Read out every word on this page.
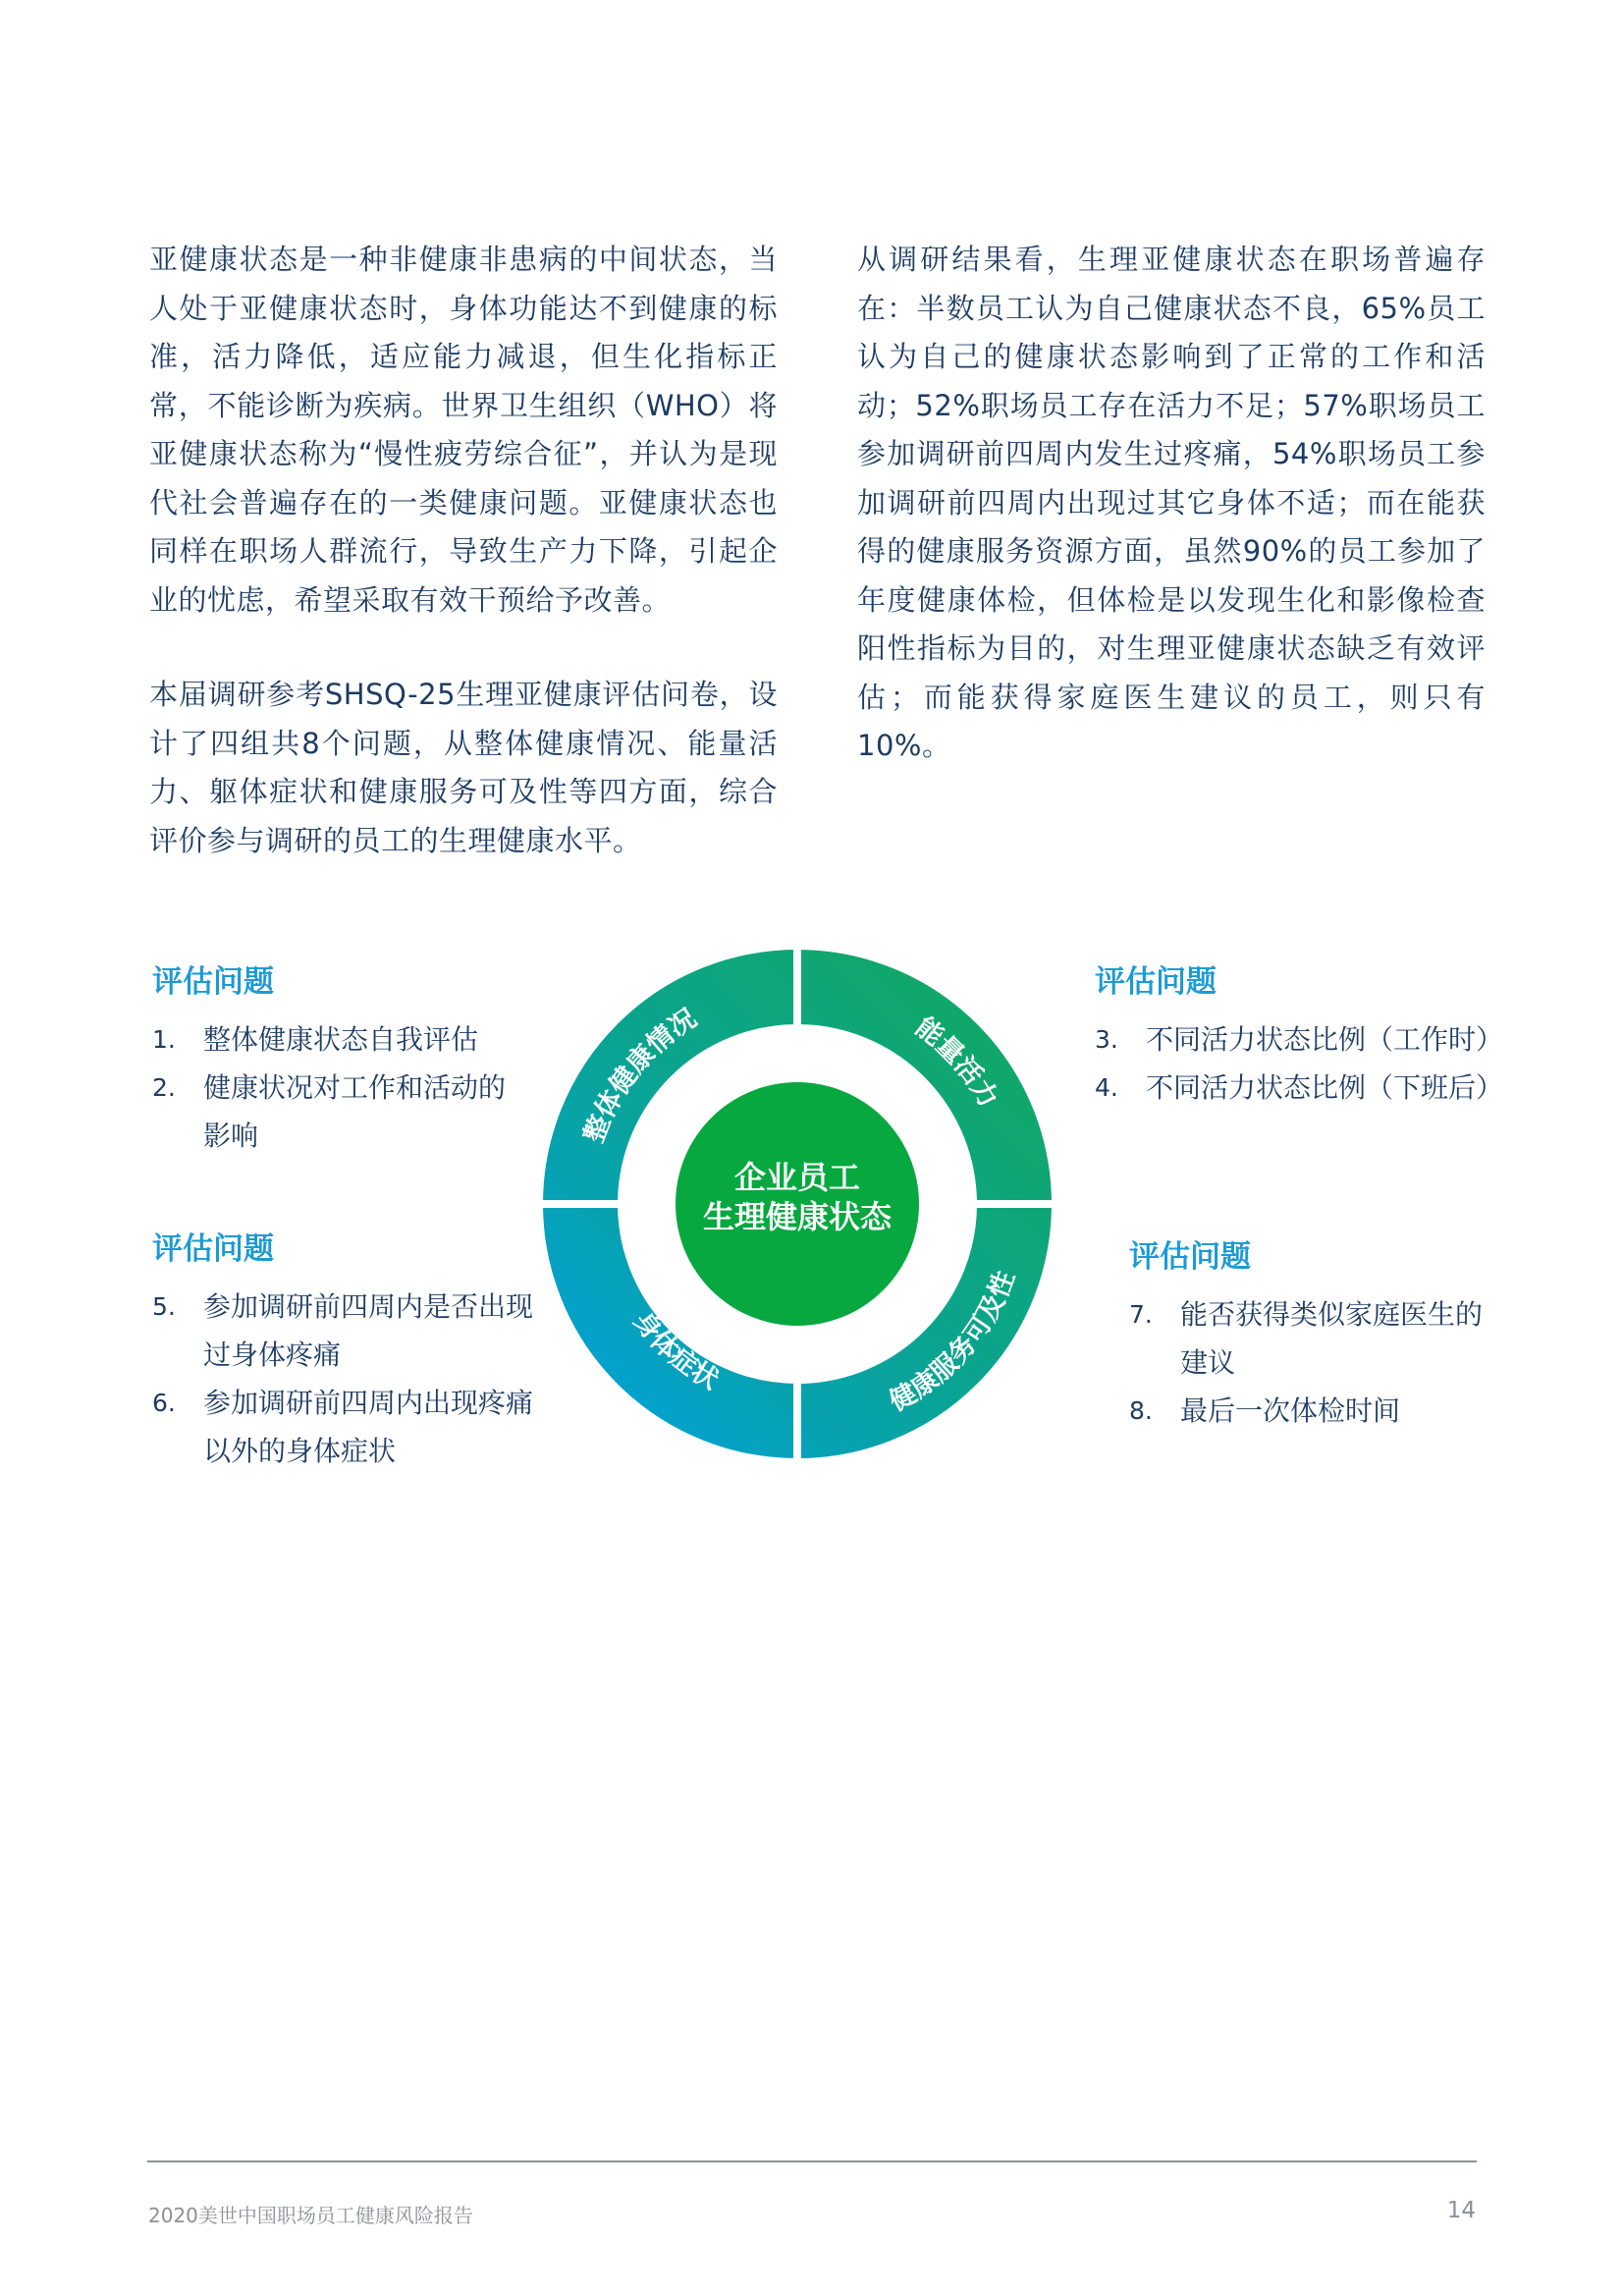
亚健康状态是一种非健康非患病的中间状态，当人处于亚健康状态时，身体功能达不到健康的标准，活力降低，适应能力减退，但生化指标正常，不能诊断为疾病。世界卫生组织（WHO）将亚健康状态称为“慢性疲劳综合征”，并认为是现代社会普遍存在的一类健康问题。亚健康状态也同样在职场人群流行，导致生产力下降，引起企业的忧虑，希望采取有效干预给予改善。

本届调研参考SHSQ-25生理亚健康评估问卷，设计了四组共8个问题，从整体健康情况、能量活力、躯体症状和健康服务可及性等四方面，综合评价参与调研的员工的生理健康水平。

从调研结果看，生理亚健康状态在职场普遍存在：半数员工认为自己健康状态不良，65%员工认为自己的健康状态影响到了正常的工作和活动；52%职场员工存在活力不足；57%职场员工参加调研前四周内发生过疼痛，54%职场员工参加调研前四周内出现过其它身体不适；而在能获得的健康服务资源方面，虽然90%的员工参加了年度健康体检，但体检是以发现生化和影像检查阳性指标为目的，对生理亚健康状态缺乏有效评估；而能获得家庭医生建议的员工，则只有10%。

评估问题
1. 整体健康状态自我评估
2. 健康状况对工作和活动的影响
评估问题
5. 参加调研前四周内是否出现过身体疼痛
6. 参加调研前四周内出现疼痛以外的身体症状
评估问题
3. 不同活力状态比例（工作时）
4. 不同活力状态比例（下班后）
评估问题
7. 能否获得类似家庭医生的建议
8. 最后一次体检时间
整体健康情况	能量活力
身体症状
健康服务可及性
企业员工
生理健康状态
2020美世中国职场员工健康风险报告	14
